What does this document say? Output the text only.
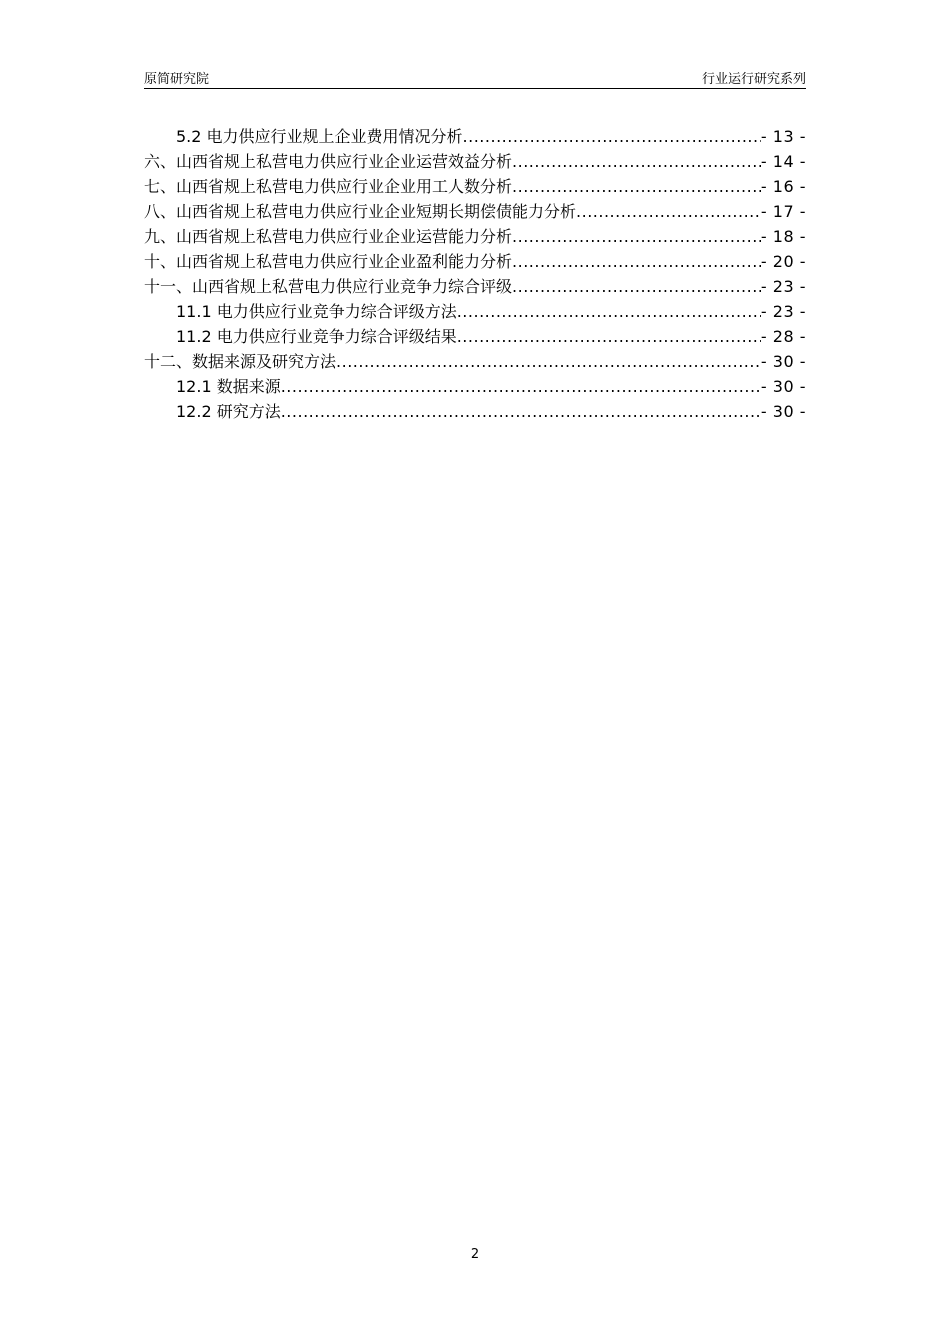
原简研究院	行业运行研究系列
5.2 电力供应行业规上企业费用情况分析 .....	- 13 -
六、山西省规上私营电力供应行业企业运营效益分析 .....	- 14 -
七、山西省规上私营电力供应行业企业用工人数分析 .....	- 16 -
八、山西省规上私营电力供应行业企业短期长期偿债能力分析 .....	- 17 -
九、山西省规上私营电力供应行业企业运营能力分析 .....	- 18 -
十、山西省规上私营电力供应行业企业盈利能力分析 .....	- 20 -
十一、山西省规上私营电力供应行业竞争力综合评级 .....	- 23 -
11.1 电力供应行业竞争力综合评级方法 .....	- 23 -
11.2 电力供应行业竞争力综合评级结果 .....	- 28 -
十二、数据来源及研究方法 .....	- 30 -
12.1 数据来源 .....	- 30 -
12.2 研究方法 .....	- 30 -
2
